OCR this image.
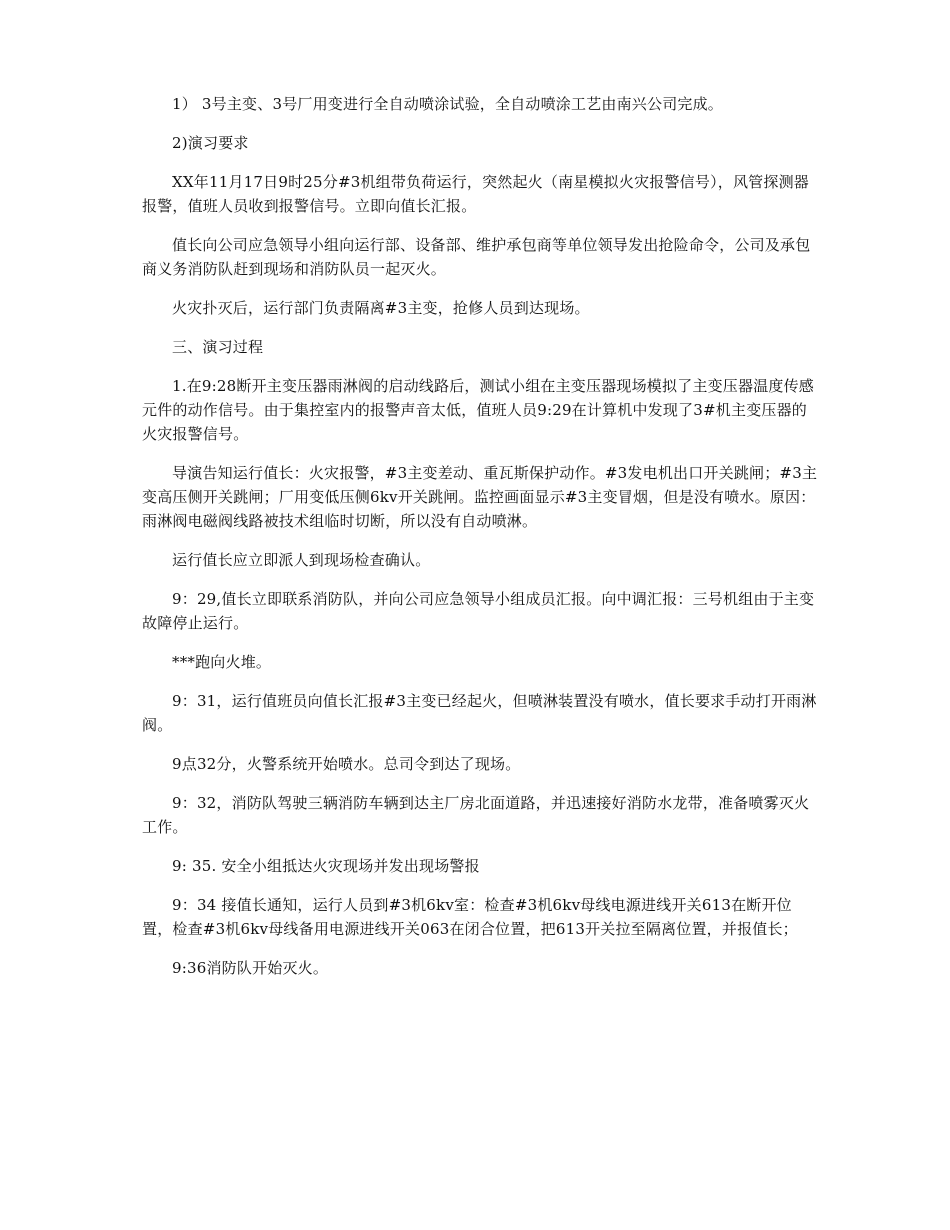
1） 3号主变、3号厂用变进行全自动喷涂试验，全自动喷涂工艺由南兴公司完成。

2)演习要求

XX年11月17日9时25分#3机组带负荷运行，突然起火（南星模拟火灾报警信号），风管探测器报警，值班人员收到报警信号。立即向值长汇报。

值长向公司应急领导小组向运行部、设备部、维护承包商等单位领导发出抢险命令，公司及承包商义务消防队赶到现场和消防队员一起灭火。

火灾扑灭后，运行部门负责隔离#3主变，抢修人员到达现场。

三、演习过程

1.在9:28断开主变压器雨淋阀的启动线路后，测试小组在主变压器现场模拟了主变压器温度传感元件的动作信号。由于集控室内的报警声音太低，值班人员9:29在计算机中发现了3#机主变压器的火灾报警信号。

导演告知运行值长：火灾报警，#3主变差动、重瓦斯保护动作。#3发电机出口开关跳闸；#3主变高压侧开关跳闸；厂用变低压侧6kv开关跳闸。监控画面显示#3主变冒烟，但是没有喷水。原因：雨淋阀电磁阀线路被技术组临时切断，所以没有自动喷淋。

运行值长应立即派人到现场检查确认。

9：29,值长立即联系消防队，并向公司应急领导小组成员汇报。向中调汇报：三号机组由于主变故障停止运行。

***跑向火堆。

9：31，运行值班员向值长汇报#3主变已经起火，但喷淋装置没有喷水，值长要求手动打开雨淋阀。

9点32分，火警系统开始喷水。总司令到达了现场。

9：32，消防队驾驶三辆消防车辆到达主厂房北面道路，并迅速接好消防水龙带，准备喷雾灭火工作。

9: 35. 安全小组抵达火灾现场并发出现场警报

9：34 接值长通知，运行人员到#3机6kv室：检查#3机6kv母线电源进线开关613在断开位置，检查#3机6kv母线备用电源进线开关063在闭合位置，把613开关拉至隔离位置，并报值长；

9:36消防队开始灭火。
